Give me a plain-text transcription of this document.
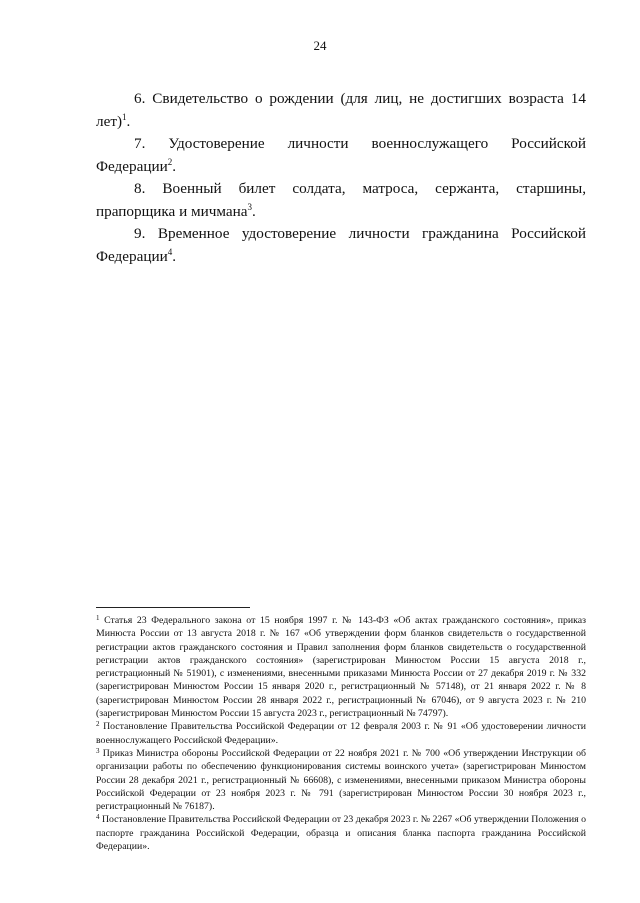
24

6. Свидетельство о рождении (для лиц, не достигших возраста 14 лет)$^1$.

7. Удостоверение личности военнослужащего Российской Федерации$^2$.

8. Военный билет солдата, матроса, сержанта, старшины, прапорщика и мичмана$^3$.

9. Временное удостоверение личности гражданина Российской Федерации$^4$.

$^1$ Статья 23 Федерального закона от 15 ноября 1997 г. № 143-ФЗ «Об актах гражданского состояния», приказ Минюста России от 13 августа 2018 г. № 167 «Об утверждении форм бланков свидетельств о государственной регистрации актов гражданского состояния и Правил заполнения форм бланков свидетельств о государственной регистрации актов гражданского состояния» (зарегистрирован Минюстом России 15 августа 2018 г., регистрационный № 51901), с изменениями, внесенными приказами Минюста России от 27 декабря 2019 г. № 332 (зарегистрирован Минюстом России 15 января 2020 г., регистрационный № 57148), от 21 января 2022 г. № 8 (зарегистрирован Минюстом России 28 января 2022 г., регистрационный № 67046), от 9 августа 2023 г. № 210 (зарегистрирован Минюстом России 15 августа 2023 г., регистрационный № 74797).

$^2$ Постановление Правительства Российской Федерации от 12 февраля 2003 г. № 91 «Об удостоверении личности военнослужащего Российской Федерации».

$^3$ Приказ Министра обороны Российской Федерации от 22 ноября 2021 г. № 700 «Об утверждении Инструкции об организации работы по обеспечению функционирования системы воинского учета» (зарегистрирован Минюстом России 28 декабря 2021 г., регистрационный № 66608), с изменениями, внесенными приказом Министра обороны Российской Федерации от 23 ноября 2023 г. № 791 (зарегистрирован Минюстом России 30 ноября 2023 г., регистрационный № 76187).

$^4$ Постановление Правительства Российской Федерации от 23 декабря 2023 г. № 2267 «Об утверждении Положения о паспорте гражданина Российской Федерации, образца и описания бланка паспорта гражданина Российской Федерации».
